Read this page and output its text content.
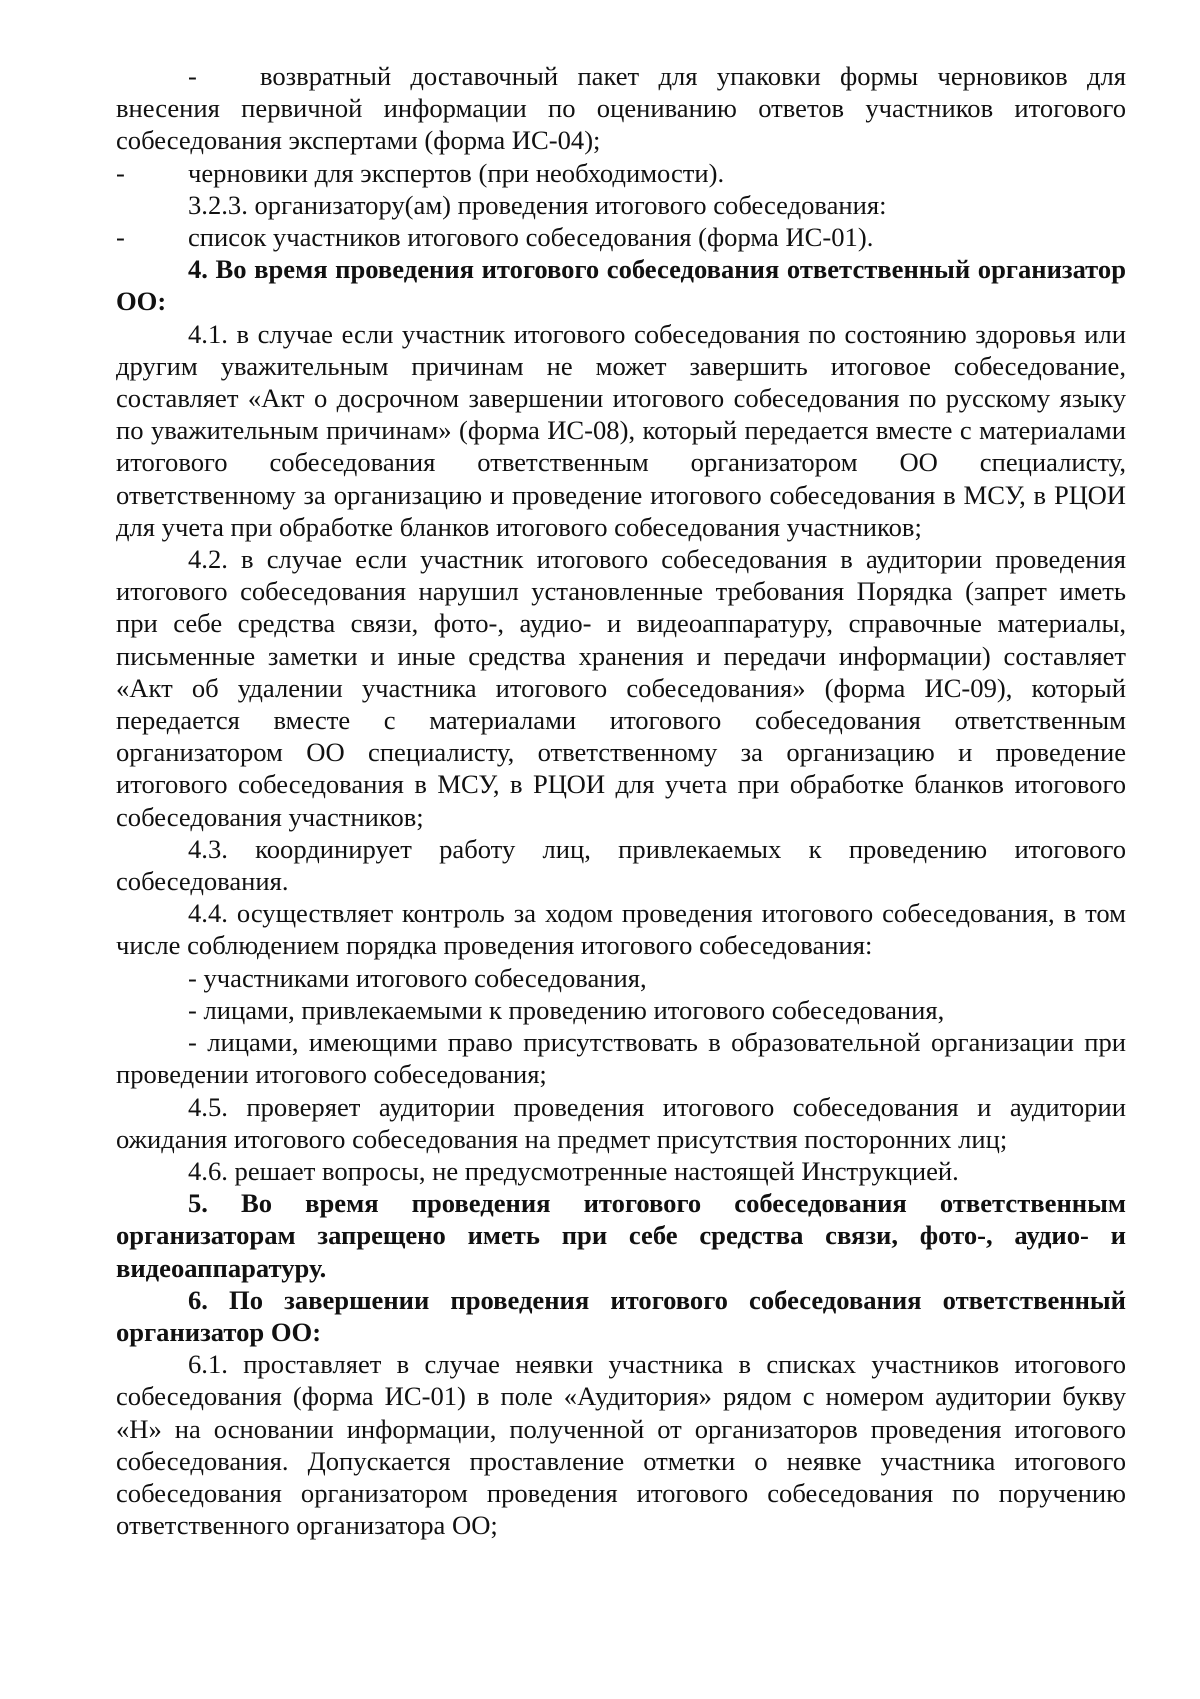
- возвратный доставочный пакет для упаковки формы черновиков для внесения первичной информации по оцениванию ответов участников итогового собеседования экспертами (форма ИС-04);

- черновики для экспертов (при необходимости).

3.2.3. организатору(ам) проведения итогового собеседования:

- список участников итогового собеседования (форма ИС-01).

4. Во время проведения итогового собеседования ответственный организатор ОО:

4.1. в случае если участник итогового собеседования по состоянию здоровья или другим уважительным причинам не может завершить итоговое собеседование, составляет «Акт о досрочном завершении итогового собеседования по русскому языку по уважительным причинам» (форма ИС-08), который передается вместе с материалами итогового собеседования ответственным организатором ОО специалисту, ответственному за организацию и проведение итогового собеседования в МСУ, в РЦОИ для учета при обработке бланков итогового собеседования участников;

4.2. в случае если участник итогового собеседования в аудитории проведения итогового собеседования нарушил установленные требования Порядка (запрет иметь при себе средства связи, фото-, аудио- и видеоаппаратуру, справочные материалы, письменные заметки и иные средства хранения и передачи информации) составляет «Акт об удалении участника итогового собеседования» (форма ИС-09), который передается вместе с материалами итогового собеседования ответственным организатором ОО специалисту, ответственному за организацию и проведение итогового собеседования в МСУ, в РЦОИ для учета при обработке бланков итогового собеседования участников;

4.3. координирует работу лиц, привлекаемых к проведению итогового собеседования.

4.4. осуществляет контроль за ходом проведения итогового собеседования, в том числе соблюдением порядка проведения итогового собеседования:

- участниками итогового собеседования,

- лицами, привлекаемыми к проведению итогового собеседования,

- лицами, имеющими право присутствовать в образовательной организации при проведении итогового собеседования;

4.5. проверяет аудитории проведения итогового собеседования и аудитории ожидания итогового собеседования на предмет присутствия посторонних лиц;

4.6. решает вопросы, не предусмотренные настоящей Инструкцией.

5. Во время проведения итогового собеседования ответственным организаторам запрещено иметь при себе средства связи, фото-, аудио- и видеоаппаратуру.

6. По завершении проведения итогового собеседования ответственный организатор ОО:

6.1. проставляет в случае неявки участника в списках участников итогового собеседования (форма ИС-01) в поле «Аудитория» рядом с номером аудитории букву «Н» на основании информации, полученной от организаторов проведения итогового собеседования. Допускается проставление отметки о неявке участника итогового собеседования организатором проведения итогового собеседования по поручению ответственного организатора ОО;
